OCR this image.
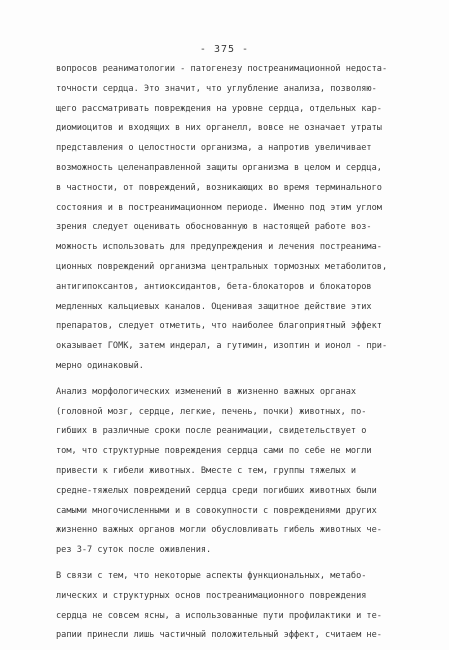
- 375 -
вопросов реаниматологии - патогенезу постреанимационной недоста-
точности сердца. Это значит, что углубление анализа, позволяю-
щего рассматривать повреждения на уровне сердца, отдельных кар-
диомиоцитов и входящих в них органелл, вовсе не означает утраты
представления о целостности организма, а напротив увеличивает
возможность целенаправленной защиты организма в целом и сердца,
в частности, от повреждений, возникающих во время терминального
состояния и в постреанимационном периоде. Именно под этим углом
зрения следует оценивать обоснованную в настоящей работе воз-
можность использовать для предупреждения и лечения постреанима-
ционных повреждений организма центральных тормозных метаболитов,
антигипоксантов, антиоксидантов, бета-блокаторов и блокаторов
медленных кальциевых каналов. Оценивая защитное действие этих
препаратов, следует отметить, что наиболее благоприятный эффект
оказывает ГОМК, затем индерал, а гутимин, изоптин и ионол - при-
мерно одинаковый.
Анализ морфологических изменений в жизненно важных органах
(головной мозг, сердце, легкие, печень, почки) животных, по-
гибших в различные сроки после реанимации, свидетельствует о
том, что структурные повреждения сердца сами по себе не могли
привести к гибели животных. Вместе с тем, группы тяжелых и
средне-тяжелых повреждений сердца среди погибших животных были
самыми многочисленными и в совокупности с повреждениями других
жизненно важных органов могли обусловливать гибель животных че-
рез 3-7 суток после оживления.
В связи с тем, что некоторые аспекты функциональных, метабо-
лических и структурных основ постреанимационного повреждения
сердца не совсем ясны, а использованные пути профилактики и те-
рапии принесли лишь частичный положительный эффект, считаем не-
